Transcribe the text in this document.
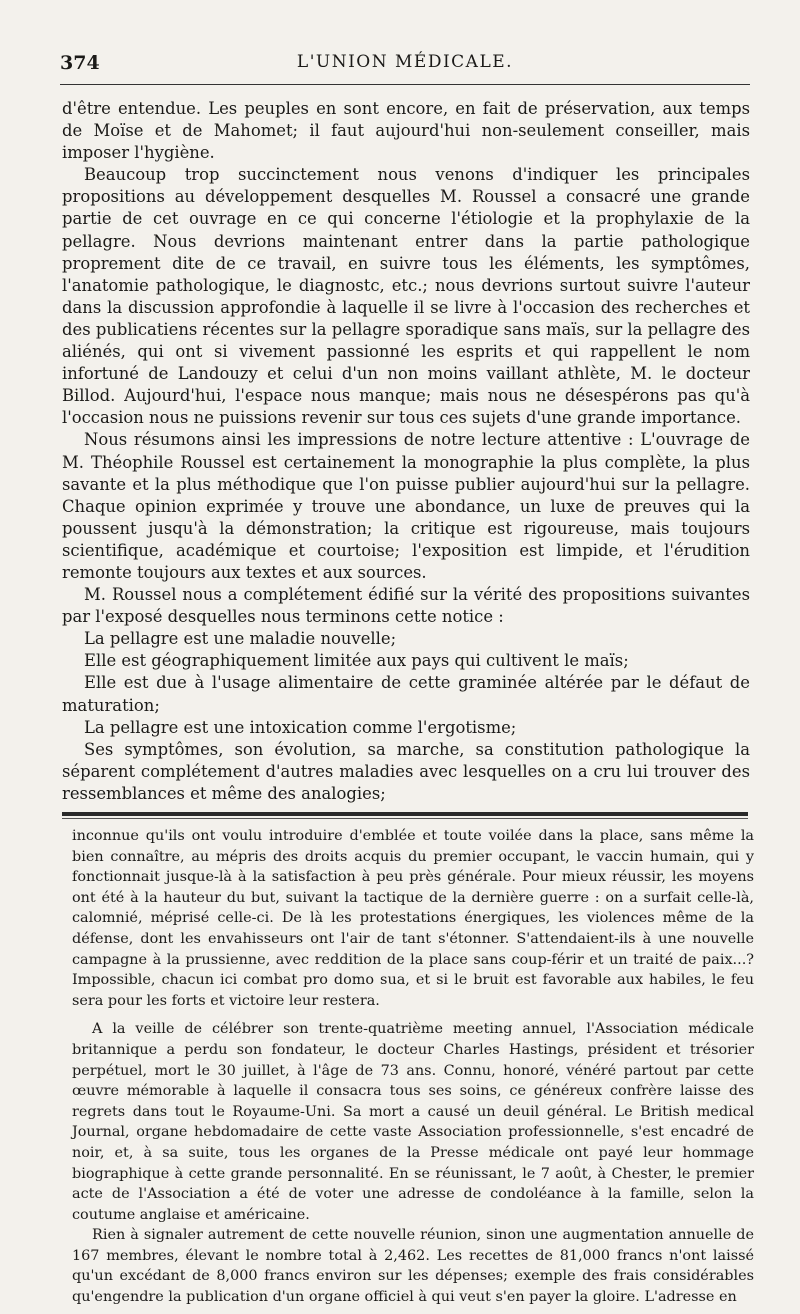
374	L'UNION MÉDICALE.

d'être entendue. Les peuples en sont encore, en fait de préservation, aux temps de Moïse et de Mahomet; il faut aujourd'hui non-seulement conseiller, mais imposer l'hygiène.

Beaucoup trop succinctement nous venons d'indiquer les principales propositions au développement desquelles M. Roussel a consacré une grande partie de cet ouvrage en ce qui concerne l'étiologie et la prophylaxie de la pellagre. Nous devrions maintenant entrer dans la partie pathologique proprement dite de ce travail, en suivre tous les éléments, les symptômes, l'anatomie pathologique, le diagnostc, etc.; nous devrions surtout suivre l'auteur dans la discussion approfondie à laquelle il se livre à l'occasion des recherches et des publicatiens récentes sur la pellagre sporadique sans maïs, sur la pellagre des aliénés, qui ont si vivement passionné les esprits et qui rappellent le nom infortuné de Landouzy et celui d'un non moins vaillant athlète, M. le docteur Billod. Aujourd'hui, l'espace nous manque; mais nous ne désespérons pas qu'à l'occasion nous ne puissions revenir sur tous ces sujets d'une grande importance.

Nous résumons ainsi les impressions de notre lecture attentive : L'ouvrage de M. Théophile Roussel est certainement la monographie la plus complète, la plus savante et la plus méthodique que l'on puisse publier aujourd'hui sur la pellagre. Chaque opinion exprimée y trouve une abondance, un luxe de preuves qui la poussent jusqu'à la démonstration; la critique est rigoureuse, mais toujours scientifique, académique et courtoise; l'exposition est limpide, et l'érudition remonte toujours aux textes et aux sources.

M. Roussel nous a complétement édifié sur la vérité des propositions suivantes par l'exposé desquelles nous terminons cette notice :

La pellagre est une maladie nouvelle;

Elle est géographiquement limitée aux pays qui cultivent le maïs;

Elle est due à l'usage alimentaire de cette graminée altérée par le défaut de maturation;

La pellagre est une intoxication comme l'ergotisme;

Ses symptômes, son évolution, sa marche, sa constitution pathologique la séparent complétement d'autres maladies avec lesquelles on a cru lui trouver des ressemblances et même des analogies;

inconnue qu'ils ont voulu introduire d'emblée et toute voilée dans la place, sans même la bien connaître, au mépris des droits acquis du premier occupant, le vaccin humain, qui y fonctionnait jusque-là à la satisfaction à peu près générale. Pour mieux réussir, les moyens ont été à la hauteur du but, suivant la tactique de la dernière guerre : on a surfait celle-là, calomnié, méprisé celle-ci. De là les protestations énergiques, les violences même de la défense, dont les envahisseurs ont l'air de tant s'étonner. S'attendaient-ils à une nouvelle campagne à la prussienne, avec reddition de la place sans coup-férir et un traité de paix...? Impossible, chacun ici combat pro domo sua, et si le bruit est favorable aux habiles, le feu sera pour les forts et victoire leur restera.

A la veille de célébrer son trente-quatrième meeting annuel, l'Association médicale britannique a perdu son fondateur, le docteur Charles Hastings, président et trésorier perpétuel, mort le 30 juillet, à l'âge de 73 ans. Connu, honoré, vénéré partout par cette œuvre mémorable à laquelle il consacra tous ses soins, ce généreux confrère laisse des regrets dans tout le Royaume-Uni. Sa mort a causé un deuil général. Le British medical Journal, organe hebdomadaire de cette vaste Association professionnelle, s'est encadré de noir, et, à sa suite, tous les organes de la Presse médicale ont payé leur hommage biographique à cette grande personnalité. En se réunissant, le 7 août, à Chester, le premier acte de l'Association a été de voter une adresse de condoléance à la famille, selon la coutume anglaise et américaine.

Rien à signaler autrement de cette nouvelle réunion, sinon une augmentation annuelle de 167 membres, élevant le nombre total à 2,462. Les recettes de 81,000 francs n'ont laissé qu'un excédant de 8,000 francs environ sur les dépenses; exemple des frais considérables qu'engendre la publication d'un organe officiel à qui veut s'en payer la gloire. L'adresse en
